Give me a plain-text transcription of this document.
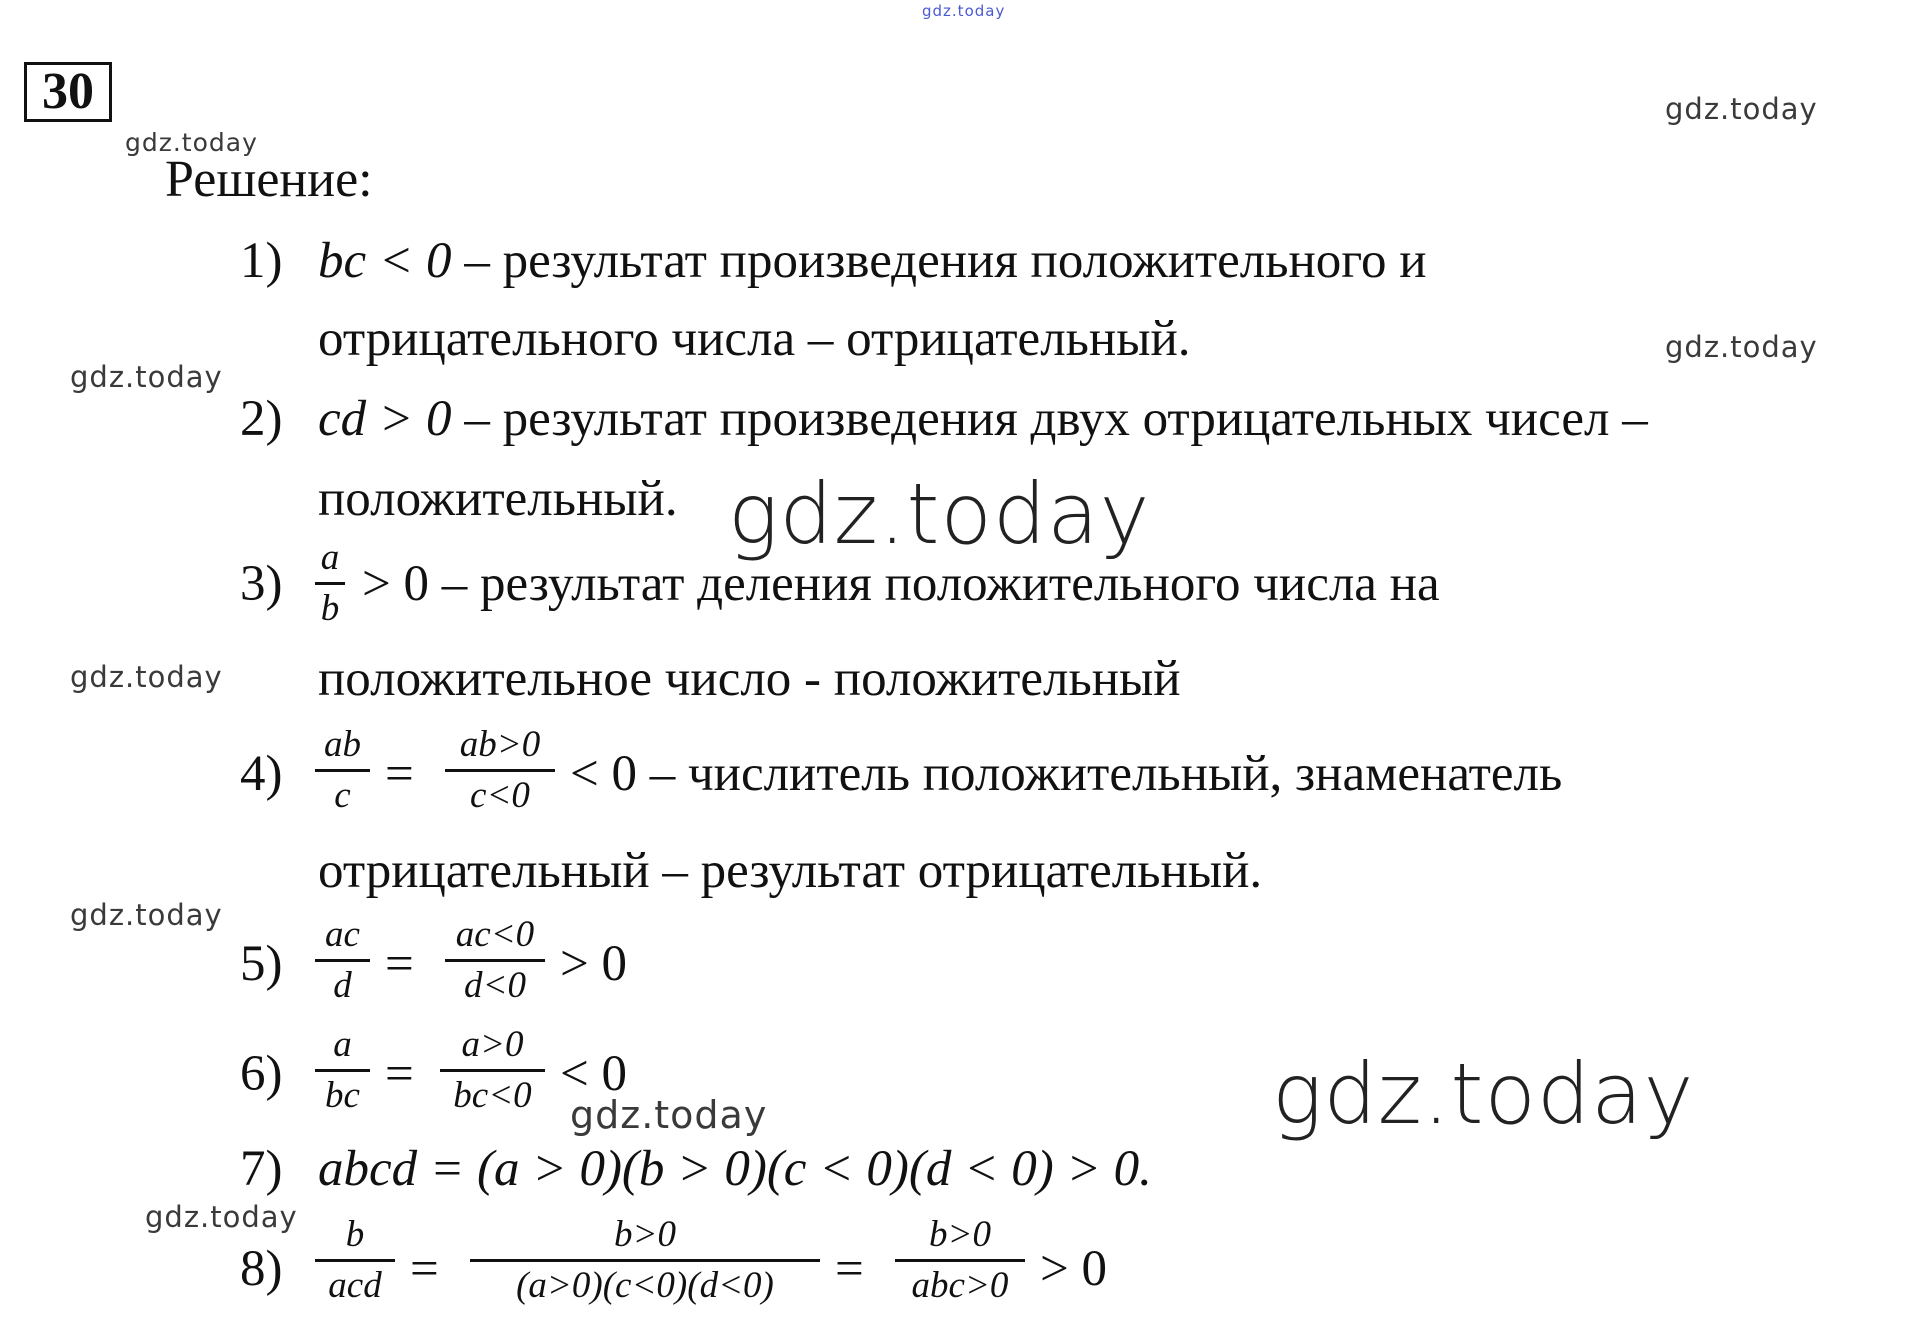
gdz.today
gdz.today
gdz.today
gdz.today
gdz.today
gdz.today
gdz.today
gdz.today
gdz.today
30
Решение:
1) bc < 0 – результат произведения положительного и
отрицательного числа – отрицательный.
2) cd > 0 – результат произведения двух отрицательных чисел –
положительный. gdz.today
3) a
b > 0 – результат деления положительного числа на
положительное число - положительный
4)
ab
c =
ab>0
c<0 < 0 – числитель положительный, знаменатель
отрицательный – результат отрицательный.
5)
ac
d =
ac<0
d<0 > 0
6)
a
bc =
a>0
bc<0 < 0	gdz.today
7) abcd = (a > 0)(b > 0)(c < 0)(d < 0) > 0.
8)
b
acd =
b>0
(a>0)(c<0)(d<0)	=
b>0
abc>0 > 0
